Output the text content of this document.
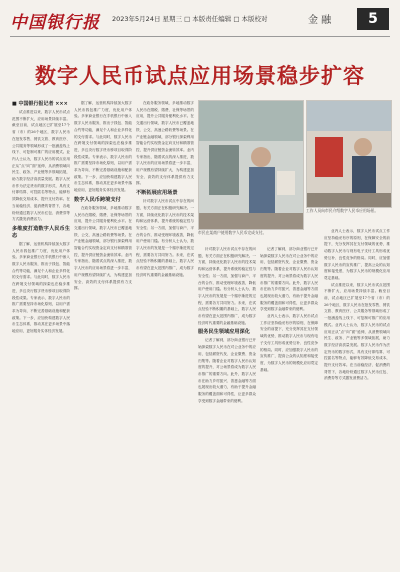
中国银行报 2023年5月24日 星期三 □ 本版责任编辑 □ 本版校对	金 融	5
数字人民币试点应用场景稳步扩容
■ 中国银行报记者 ×××

试点推进以来，数字人民币试点范围不断扩大，应用场景持续丰富。截至目前，试点地区已扩展至17个省（市）的26个地区，数字人民币在批发零售、餐饮文旅、教育医疗、公共服务等领域形成了一批涵盖线上线下、可复制可推广的应用模式。业内人士认为，数字人民币的试点应用正从“点”向“面”延伸，从消费领域向民生、政务、产业链等多领域拓展，助力数字经济高质量发展。数字人民币作为法定货币的数字形式，具有支付即结算、可控匿名等特点，能够有效降低交易成本，提升支付效率。在当前稳经济、促消费的背景下，各地纷纷通过数字人民币红包、消费券等方式激发消费活力。

多维度打造数字人民币生态

据了解，运营机构持续加大数字人民币钱包推广力度，优化用户体验。多家商业银行在手机银行中嵌入数字人民币服务，推出子钱包、智能合约等功能，满足个人和企业多样化的支付需求。与此同时，数字人民币在跨境支付领域的探索也在稳步推进，多边央行数字货币桥项目取得阶段性成果。专家表示，数字人民币的推广需要坚持市场化原则，以用户需求为导向，不断完善基础设施和配套政策。下一步，应加快构建数字人民币生态体系，推动其在更多场景中落地应用，更好服务实体经济发展。

据了解，运营机构持续加大数字人民币钱包推广力度，优化用户体验。多家商业银行在手机银行中嵌入数字人民币服务，推出子钱包、智能合约等功能，满足个人和企业多样化的支付需求。与此同时，数字人民币在跨境支付领域的探索也在稳步推进，多边央行数字货币桥项目取得阶段性成果。专家表示，数字人民币的推广需要坚持市场化原则，以用户需求为导向，不断完善基础设施和配套政策。下一步，应加快构建数字人民币生态体系，推动其在更多场景中落地应用，更好服务实体经济发展。

数字人民币跨境支付

在政务服务领域，多地推动数字人民币在缴税、缴费、社保等场景的应用，提升公共服务便利化水平。在交通出行领域，数字人民币已覆盖地铁、公交、高速公路收费等场景。在产业链金融领域，部分银行探索利用智能合约实现资金定向支付和精准管控，提升供应链资金流转效率。业内专家指出，随着试点的深入推进，数字人民币的应用场景将进一步丰富，用户规模有望持续扩大，为构建更加安全、高效的支付体系提供有力支撑。

在政务服务领域，多地推动数字人民币在缴税、缴费、社保等场景的应用，提升公共服务便利化水平。在交通出行领域，数字人民币已覆盖地铁、公交、高速公路收费等场景。在产业链金融领域，部分银行探索利用智能合约实现资金定向支付和精准管控，提升供应链资金流转效率。业内专家指出，随着试点的深入推进，数字人民币的应用场景将进一步丰富，用户规模有望持续扩大，为构建更加安全、高效的支付体系提供有力支撑。

不断拓展应用场景

针对数字人民币试点中存在的问题，有关方面正在积极研究解决。一方面，持续优化数字人民币的技术架构和运营体系，提升系统的稳定性与安全性；另一方面，加强与商户、平台的合作，推动受理环境改善，降低用户使用门槛。有分析人士认为，数字人民币的发展是一个循序渐进的过程，需要各方共同努力。未来，在试点经验不断积累的基础上，数字人民币有望在更大范围内推广，成为数字经济时代重要的金融基础设施。

市民在某商户使用数字人民币完成支付。
工作人员向市民介绍数字人民币应用场景。

针对数字人民币试点中存在的问题，有关方面正在积极研究解决。一方面，持续优化数字人民币的技术架构和运营体系，提升系统的稳定性与安全性；另一方面，加强与商户、平台的合作，推动受理环境改善，降低用户使用门槛。有分析人士认为，数字人民币的发展是一个循序渐进的过程，需要各方共同努力。未来，在试点经验不断积累的基础上，数字人民币有望在更大范围内推广，成为数字经济时代重要的金融基础设施。

服务民生领域应用深化

记者了解到，部分商业银行已开始探索数字人民币在对公业务中的应用，包括薪资代发、企业缴费、资金归集等。随着企业对数字人民币认知度的提升，对公场景将成为数字人民币推广的重要方向。此外，数字人民币在助力乡村振兴、普惠金融等方面也展现出较大潜力，有助于提升金融服务的覆盖面和可得性，让更多群众享受到数字金融带来的便利。

记者了解到，部分商业银行已开始探索数字人民币在对公业务中的应用，包括薪资代发、企业缴费、资金归集等。随着企业对数字人民币认知度的提升，对公场景将成为数字人民币推广的重要方向。此外，数字人民币在助力乡村振兴、普惠金融等方面也展现出较大潜力，有助于提升金融服务的覆盖面和可得性，让更多群众享受到数字金融带来的便利。

业内人士表示，数字人民币试点工作应坚持稳妥有序的原则，在保障安全的前提下，充分发挥其在支付领域的优势，推动数字人民币与现有电子支付工具形成优势互补、良性竞争的格局。同时，应加强数字人民币的宣传推广，提高公众的认知度和接受度，为数字人民币的规模化应用奠定基础。

业内人士表示，数字人民币试点工作应坚持稳妥有序的原则，在保障安全的前提下，充分发挥其在支付领域的优势，推动数字人民币与现有电子支付工具形成优势互补、良性竞争的格局。同时，应加强数字人民币的宣传推广，提高公众的认知度和接受度，为数字人民币的规模化应用奠定基础。

试点推进以来，数字人民币试点范围不断扩大，应用场景持续丰富。截至目前，试点地区已扩展至17个省（市）的26个地区，数字人民币在批发零售、餐饮文旅、教育医疗、公共服务等领域形成了一批涵盖线上线下、可复制可推广的应用模式。业内人士认为，数字人民币的试点应用正从“点”向“面”延伸，从消费领域向民生、政务、产业链等多领域拓展，助力数字经济高质量发展。数字人民币作为法定货币的数字形式，具有支付即结算、可控匿名等特点，能够有效降低交易成本，提升支付效率。在当前稳经济、促消费的背景下，各地纷纷通过数字人民币红包、消费券等方式激发消费活力。
